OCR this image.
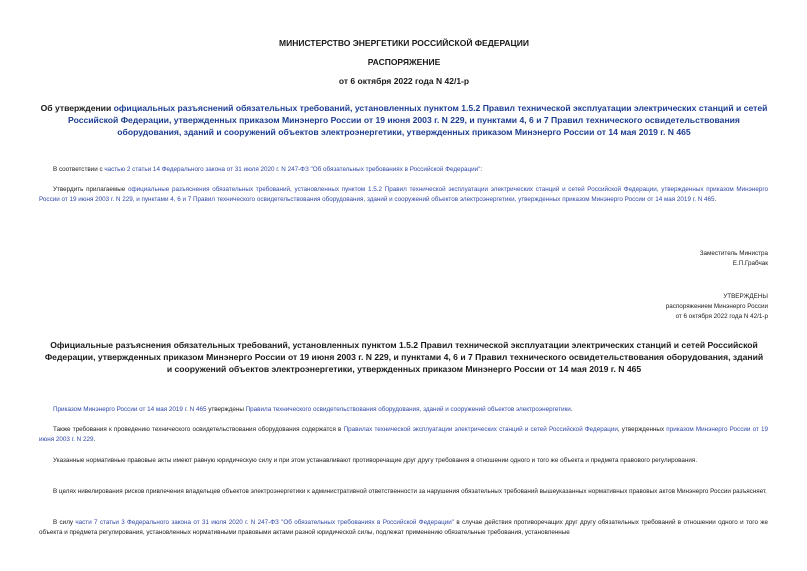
МИНИСТЕРСТВО ЭНЕРГЕТИКИ РОССИЙСКОЙ ФЕДЕРАЦИИ
РАСПОРЯЖЕНИЕ
от 6 октября 2022 года N 42/1-р
Об утверждении официальных разъяснений обязательных требований, установленных пунктом 1.5.2 Правил технической эксплуатации электрических станций и сетей Российской Федерации, утвержденных приказом Минэнерго России от 19 июня 2003 г. N 229, и пунктами 4, 6 и 7 Правил технического освидетельствования оборудования, зданий и сооружений объектов электроэнергетики, утвержденных приказом Минэнерго России от 14 мая 2019 г. N 465
В соответствии с частью 2 статьи 14 Федерального закона от 31 июля 2020 г. N 247-ФЗ "Об обязательных требованиях в Российской Федерации":
Утвердить прилагаемые официальные разъяснения обязательных требований, установленных пунктом 1.5.2 Правил технической эксплуатации электрических станций и сетей Российской Федерации, утвержденных приказом Минэнерго России от 19 июня 2003 г. N 229, и пунктами 4, 6 и 7 Правил технического освидетельствования оборудования, зданий и сооружений объектов электроэнергетики, утвержденных приказом Минэнерго России от 14 мая 2019 г. N 465.
Заместитель Министра
Е.П.Грабчак
УТВЕРЖДЕНЫ
распоряжением Минэнерго России
от 6 октября 2022 года N 42/1-р
Официальные разъяснения обязательных требований, установленных пунктом 1.5.2 Правил технической эксплуатации электрических станций и сетей Российской Федерации, утвержденных приказом Минэнерго России от 19 июня 2003 г. N 229, и пунктами 4, 6 и 7 Правил технического освидетельствования оборудования, зданий и сооружений объектов электроэнергетики, утвержденных приказом Минэнерго России от 14 мая 2019 г. N 465
Приказом Минэнерго России от 14 мая 2019 г. N 465 утверждены Правила технического освидетельствования оборудования, зданий и сооружений объектов электроэнергетики.
Также требования к проведению технического освидетельствования оборудования содержатся в Правилах технической эксплуатации электрических станций и сетей Российской Федерации, утвержденных приказом Минэнерго России от 19 июня 2003 г. N 229.
Указанные нормативные правовые акты имеют равную юридическую силу и при этом устанавливают противоречащие друг другу требования в отношении одного и того же объекта и предмета правового регулирования.
В целях нивелирования рисков привлечения владельцев объектов электроэнергетики к административной ответственности за нарушения обязательных требований вышеуказанных нормативных правовых актов Минэнерго России разъясняет.
В силу части 7 статьи 3 Федерального закона от 31 июля 2020 г. N 247-ФЗ "Об обязательных требованиях в Российской Федерации" в случае действия противоречащих друг другу обязательных требований в отношении одного и того же объекта и предмета регулирования, установленных нормативными правовыми актами разной юридической силы, подлежат применению обязательные требования, установленные
